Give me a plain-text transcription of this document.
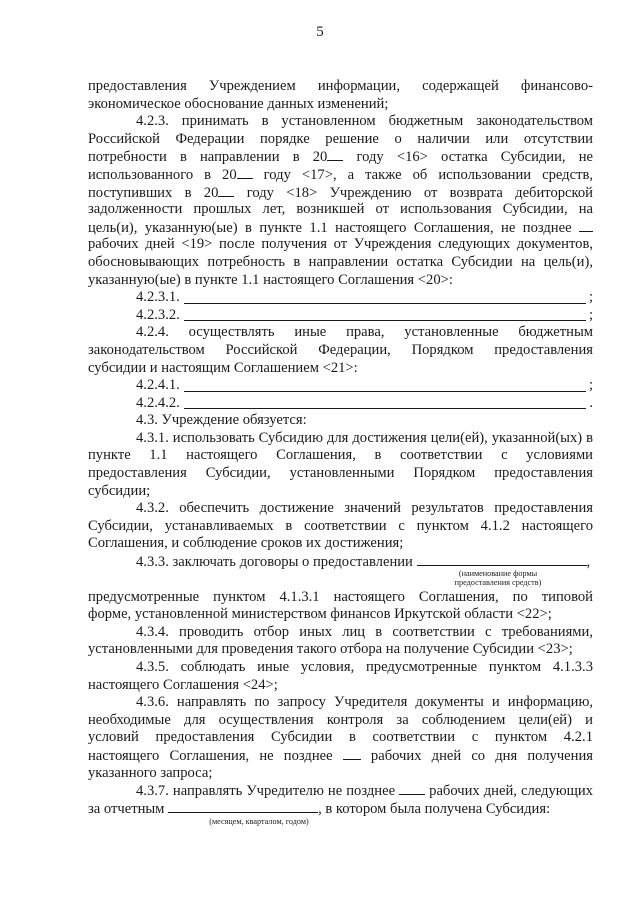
5
предоставления Учреждением информации, содержащей финансово-
экономическое обоснование данных изменений;
4.2.3. принимать в установленном бюджетным законодательством
Российской Федерации порядке решение о наличии или отсутствии
потребности в направлении в 20 году <16> остатка Субсидии, не
использованного в 20 году <17>, а также об использовании средств,
поступивших в 20 году <18> Учреждению от возврата дебиторской
задолженности прошлых лет, возникшей от использования Субсидии, на
цель(и), указанную(ые) в пункте 1.1 настоящего Соглашения, не позднее
рабочих дней <19> после получения от Учреждения следующих документов,
обосновывающих потребность в направлении остатка Субсидии на цель(и),
указанную(ые) в пункте 1.1 настоящего Соглашения <20>:
4.2.3.1.	;
4.2.3.2.	;
4.2.4. осуществлять иные права, установленные бюджетным
законодательством Российской Федерации, Порядком предоставления
субсидии и настоящим Соглашением <21>:
4.2.4.1.	;
4.2.4.2.	.
4.3. Учреждение обязуется:
4.3.1. использовать Субсидию для достижения цели(ей), указанной(ых) в
пункте 1.1 настоящего Соглашения, в соответствии с условиями
предоставления Субсидии, установленными Порядком предоставления
субсидии;
4.3.2. обеспечить достижение значений результатов предоставления
Субсидии, устанавливаемых в соответствии с пунктом 4.1.2 настоящего
Соглашения, и соблюдение сроков их достижения;
4.3.3. заключать договоры о предоставлении	,
(наименование формы
предоставления средств)
предусмотренные пунктом 4.1.3.1 настоящего Соглашения, по типовой
форме, установленной министерством финансов Иркутской области <22>;
4.3.4. проводить отбор иных лиц в соответствии с требованиями,
установленными для проведения такого отбора на получение Субсидии <23>;
4.3.5. соблюдать иные условия, предусмотренные пунктом 4.1.3.3
настоящего Соглашения <24>;
4.3.6. направлять по запросу Учредителя документы и информацию,
необходимые для осуществления контроля за соблюдением цели(ей) и
условий предоставления Субсидии в соответствии с пунктом 4.2.1
настоящего Соглашения, не позднее  рабочих дней со дня получения
указанного запроса;
4.3.7. направлять Учредителю не позднее  рабочих дней, следующих
за отчетным	, в котором была получена Субсидия:
(месяцем, кварталом, годом)
